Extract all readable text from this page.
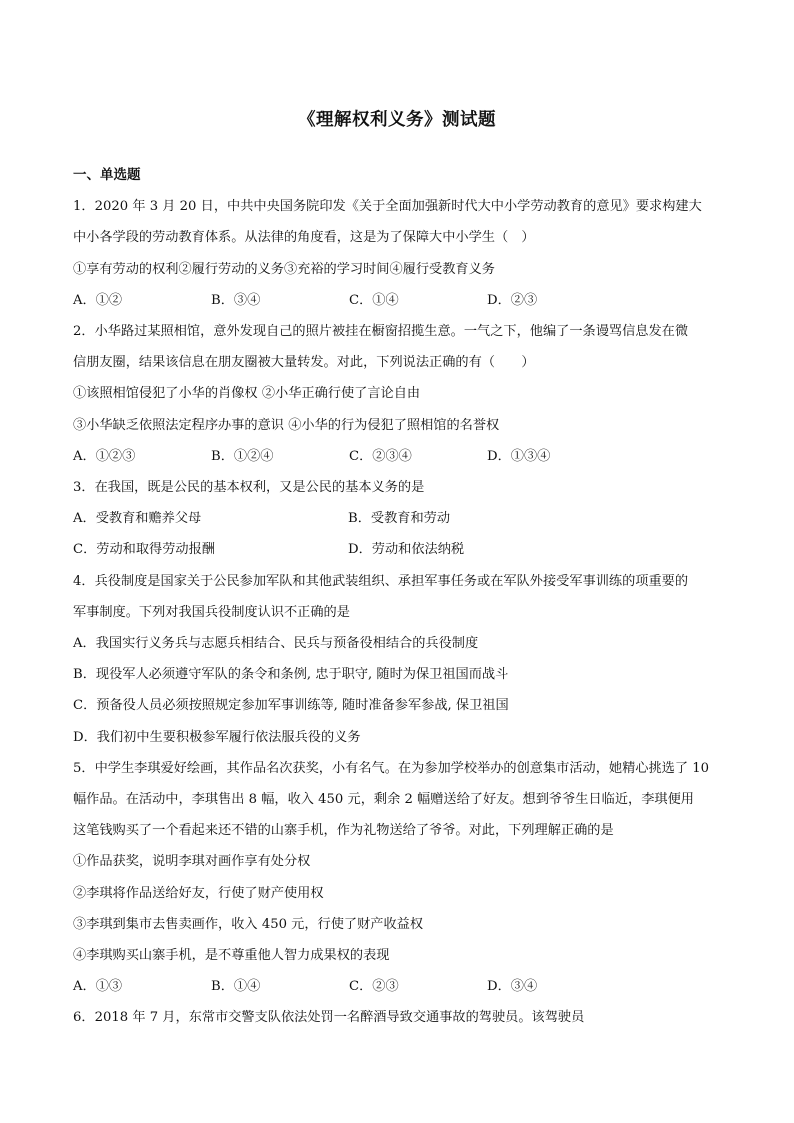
《理解权利义务》测试题
一、单选题
1．2020 年 3 月 20 日，中共中央国务院印发《关于全面加强新时代大中小学劳动教育的意见》要求构建大
中小各学段的劳动教育体系。从法律的角度看，这是为了保障大中小学生（　）
①享有劳动的权利②履行劳动的义务③充裕的学习时间④履行受教育义务
A．①②	B．③④	C．①④	D．②③
2．小华路过某照相馆，意外发现自己的照片被挂在橱窗招揽生意。一气之下，他编了一条谩骂信息发在微
信朋友圈，结果该信息在朋友圈被大量转发。对此，下列说法正确的有（　　）
①该照相馆侵犯了小华的肖像权 ②小华正确行使了言论自由
③小华缺乏依照法定程序办事的意识 ④小华的行为侵犯了照相馆的名誉权
A．①②③	B．①②④	C．②③④	D．①③④
3．在我国，既是公民的基本权利，又是公民的基本义务的是
A．受教育和赡养父母	B．受教育和劳动
C．劳动和取得劳动报酬	D．劳动和依法纳税
4．兵役制度是国家关于公民参加军队和其他武装组织、承担军事任务或在军队外接受军事训练的项重要的
军事制度。下列对我国兵役制度认识不正确的是
A．我国实行义务兵与志愿兵相结合、民兵与预备役相结合的兵役制度
B．现役军人必须遵守军队的条令和条例, 忠于职守, 随时为保卫祖国而战斗
C．预备役人员必须按照规定参加军事训练等, 随时准备参军参战, 保卫祖国
D．我们初中生要积极参军履行依法服兵役的义务
5．中学生李琪爱好绘画，其作品名次获奖，小有名气。在为参加学校举办的创意集市活动，她精心挑选了 10
幅作品。在活动中，李琪售出 8 幅，收入 450 元，剩余 2 幅赠送给了好友。想到爷爷生日临近，李琪便用
这笔钱购买了一个看起来还不错的山寨手机，作为礼物送给了爷爷。对此，下列理解正确的是
①作品获奖，说明李琪对画作享有处分权
②李琪将作品送给好友，行使了财产使用权
③李琪到集市去售卖画作，收入 450 元，行使了财产收益权
④李琪购买山寨手机，是不尊重他人智力成果权的表现
A．①③	B．①④	C．②③	D．③④
6．2018 年 7 月，东常市交警支队依法处罚一名醉酒导致交通事故的驾驶员。该驾驶员
